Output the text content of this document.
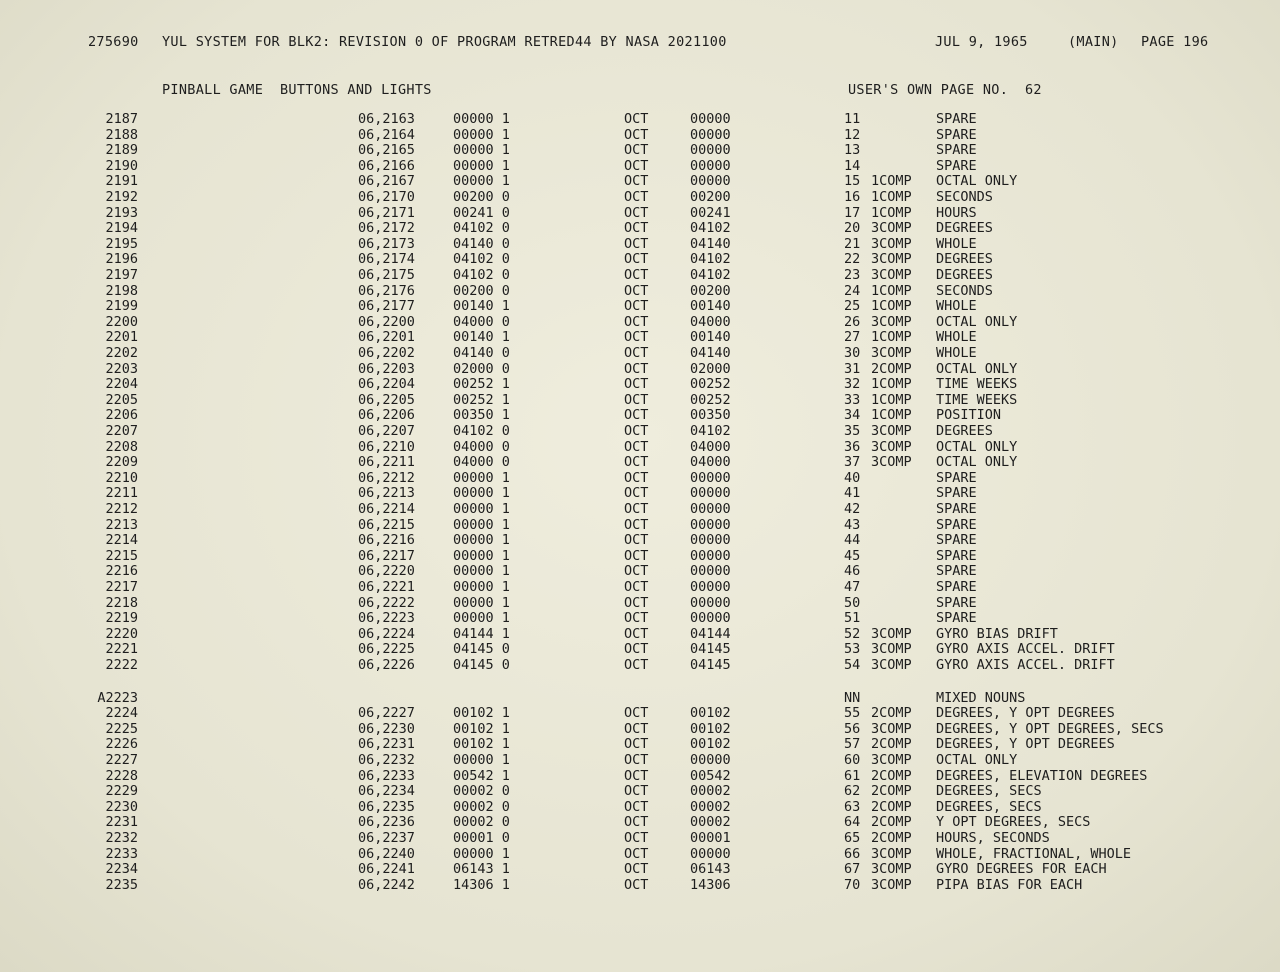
275690 YUL SYSTEM FOR BLK2: REVISION 0 OF PROGRAM RETRED44 BY NASA 2021100	JUL 9, 1965	(MAIN) PAGE 196
PINBALL GAME  BUTTONS AND LIGHTS	USER'S OWN PAGE NO.  62
2187	06,2163	00000 1	OCT	00000	11	SPARE
2188	06,2164	00000 1	OCT	00000	12	SPARE
2189	06,2165	00000 1	OCT	00000	13	SPARE
2190	06,2166	00000 1	OCT	00000	14	SPARE
2191	06,2167	00000 1	OCT	00000	15 1COMP OCTAL ONLY
2192	06,2170	00200 0	OCT	00200	16 1COMP SECONDS
2193	06,2171	00241 0	OCT	00241	17 1COMP HOURS
2194	06,2172	04102 0	OCT	04102	20 3COMP DEGREES
2195	06,2173	04140 0	OCT	04140	21 3COMP WHOLE
2196	06,2174	04102 0	OCT	04102	22 3COMP DEGREES
2197	06,2175	04102 0	OCT	04102	23 3COMP DEGREES
2198	06,2176	00200 0	OCT	00200	24 1COMP SECONDS
2199	06,2177	00140 1	OCT	00140	25 1COMP WHOLE
2200	06,2200	04000 0	OCT	04000	26 3COMP OCTAL ONLY
2201	06,2201	00140 1	OCT	00140	27 1COMP WHOLE
2202	06,2202	04140 0	OCT	04140	30 3COMP WHOLE
2203	06,2203	02000 0	OCT	02000	31 2COMP OCTAL ONLY
2204	06,2204	00252 1	OCT	00252	32 1COMP TIME WEEKS
2205	06,2205	00252 1	OCT	00252	33 1COMP TIME WEEKS
2206	06,2206	00350 1	OCT	00350	34 1COMP POSITION
2207	06,2207	04102 0	OCT	04102	35 3COMP DEGREES
2208	06,2210	04000 0	OCT	04000	36 3COMP OCTAL ONLY
2209	06,2211	04000 0	OCT	04000	37 3COMP OCTAL ONLY
2210	06,2212	00000 1	OCT	00000	40	SPARE
2211	06,2213	00000 1	OCT	00000	41	SPARE
2212	06,2214	00000 1	OCT	00000	42	SPARE
2213	06,2215	00000 1	OCT	00000	43	SPARE
2214	06,2216	00000 1	OCT	00000	44	SPARE
2215	06,2217	00000 1	OCT	00000	45	SPARE
2216	06,2220	00000 1	OCT	00000	46	SPARE
2217	06,2221	00000 1	OCT	00000	47	SPARE
2218	06,2222	00000 1	OCT	00000	50	SPARE
2219	06,2223	00000 1	OCT	00000	51	SPARE
2220	06,2224	04144 1	OCT	04144	52 3COMP GYRO BIAS DRIFT
2221	06,2225	04145 0	OCT	04145	53 3COMP GYRO AXIS ACCEL. DRIFT
2222	06,2226	04145 0	OCT	04145	54 3COMP GYRO AXIS ACCEL. DRIFT
A2223	NN	MIXED NOUNS
2224	06,2227	00102 1	OCT	00102	55 2COMP DEGREES, Y OPT DEGREES
2225	06,2230	00102 1	OCT	00102	56 3COMP DEGREES, Y OPT DEGREES, SECS
2226	06,2231	00102 1	OCT	00102	57 2COMP DEGREES, Y OPT DEGREES
2227	06,2232	00000 1	OCT	00000	60 3COMP OCTAL ONLY
2228	06,2233	00542 1	OCT	00542	61 2COMP DEGREES, ELEVATION DEGREES
2229	06,2234	00002 0	OCT	00002	62 2COMP DEGREES, SECS
2230	06,2235	00002 0	OCT	00002	63 2COMP DEGREES, SECS
2231	06,2236	00002 0	OCT	00002	64 2COMP Y OPT DEGREES, SECS
2232	06,2237	00001 0	OCT	00001	65 2COMP HOURS, SECONDS
2233	06,2240	00000 1	OCT	00000	66 3COMP WHOLE, FRACTIONAL, WHOLE
2234	06,2241	06143 1	OCT	06143	67 3COMP GYRO DEGREES FOR EACH
2235	06,2242	14306 1	OCT	14306	70 3COMP PIPA BIAS FOR EACH
